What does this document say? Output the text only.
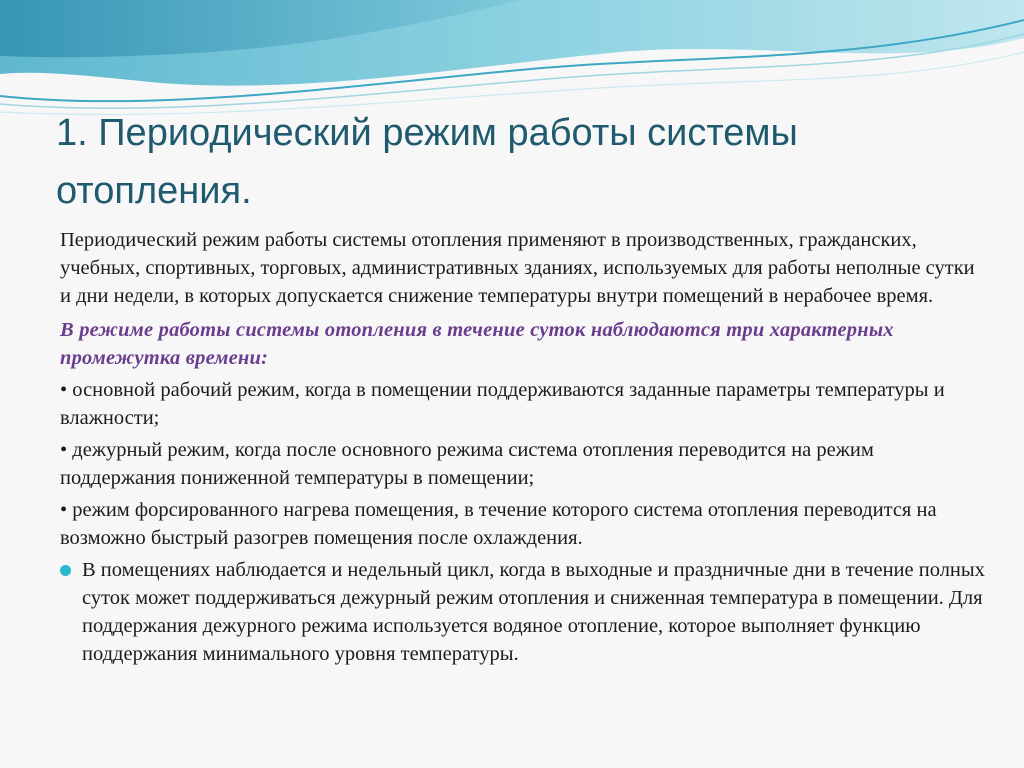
1. Периодический режим работы системы отопления.

Периодический режим работы системы отопления применяют в производственных, гражданских, учебных, спортивных, торговых, административных зданиях, используемых для работы неполные сутки и дни недели, в которых допускается снижение температуры внутри помещений в нерабочее время.

В режиме работы системы отопления в течение суток наблюдаются три характерных промежутка времени:

• основной рабочий режим, когда в помещении поддерживаются заданные параметры температуры и влажности;

• дежурный режим, когда после основного режима система отопления переводится на режим поддержания пониженной температуры в помещении;

• режим форсированного нагрева помещения, в течение которого система отопления переводится на возможно быстрый разогрев помещения после охлаждения.

В помещениях наблюдается и недельный цикл, когда в выходные и праздничные дни в течение полных суток может поддерживаться дежурный режим отопления и сниженная температура в помещении. Для поддержания дежурного режима используется водяное отопление, которое выполняет функцию поддержания минимального уровня температуры.
